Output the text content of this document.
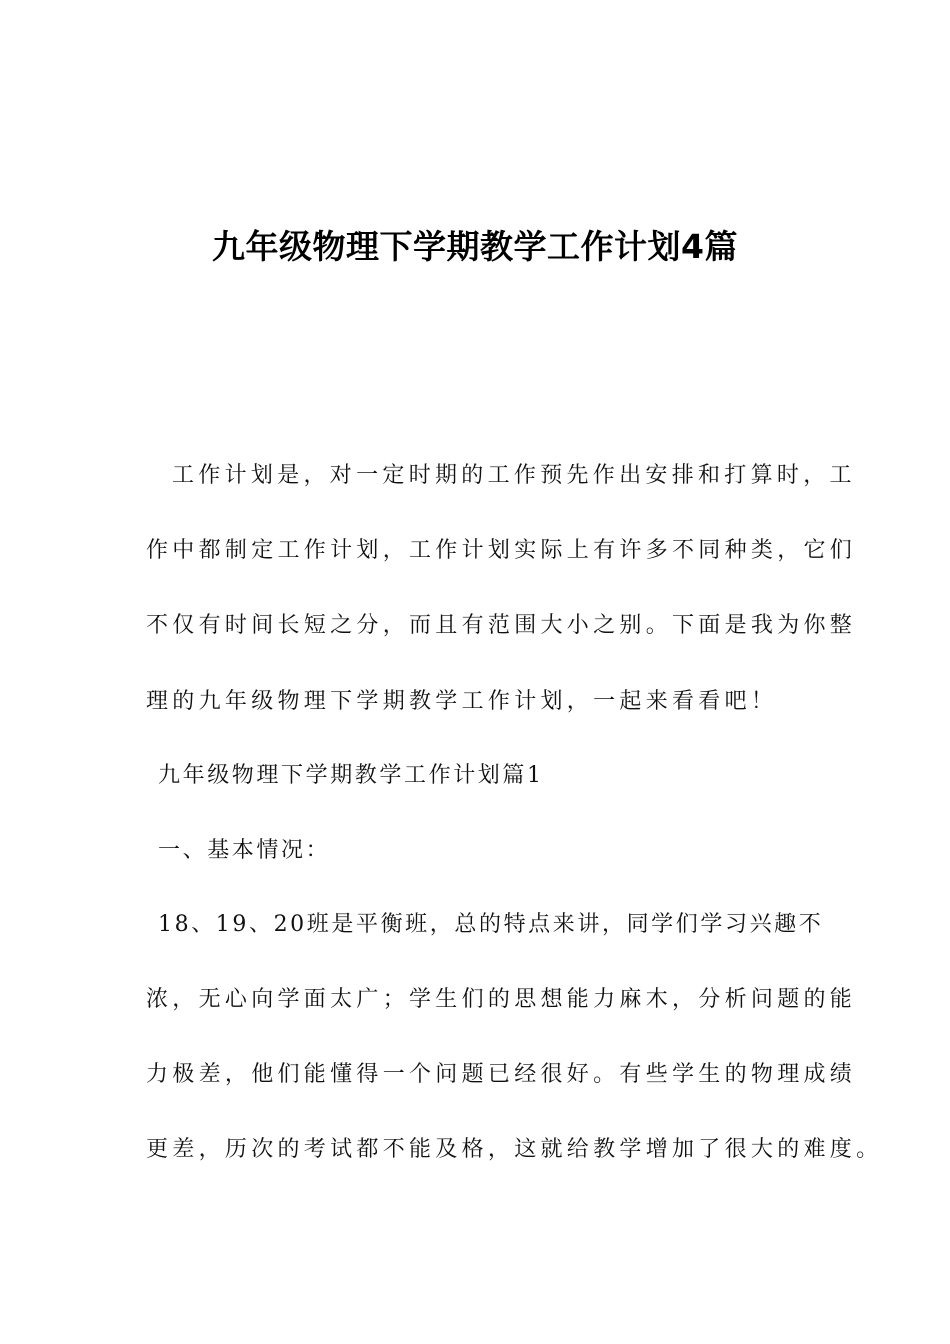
九年级物理下学期教学工作计划4篇
工作计划是，对一定时期的工作预先作出安排和打算时，工
作中都制定工作计划，工作计划实际上有许多不同种类，它们
不仅有时间长短之分，而且有范围大小之别。下面是我为你整
理的九年级物理下学期教学工作计划，一起来看看吧！
九年级物理下学期教学工作计划篇1
一、基本情况：
18、19、20班是平衡班，总的特点来讲，同学们学习兴趣不
浓，无心向学面太广；学生们的思想能力麻木，分析问题的能
力极差，他们能懂得一个问题已经很好。有些学生的物理成绩
更差，历次的考试都不能及格，这就给教学增加了很大的难度。
